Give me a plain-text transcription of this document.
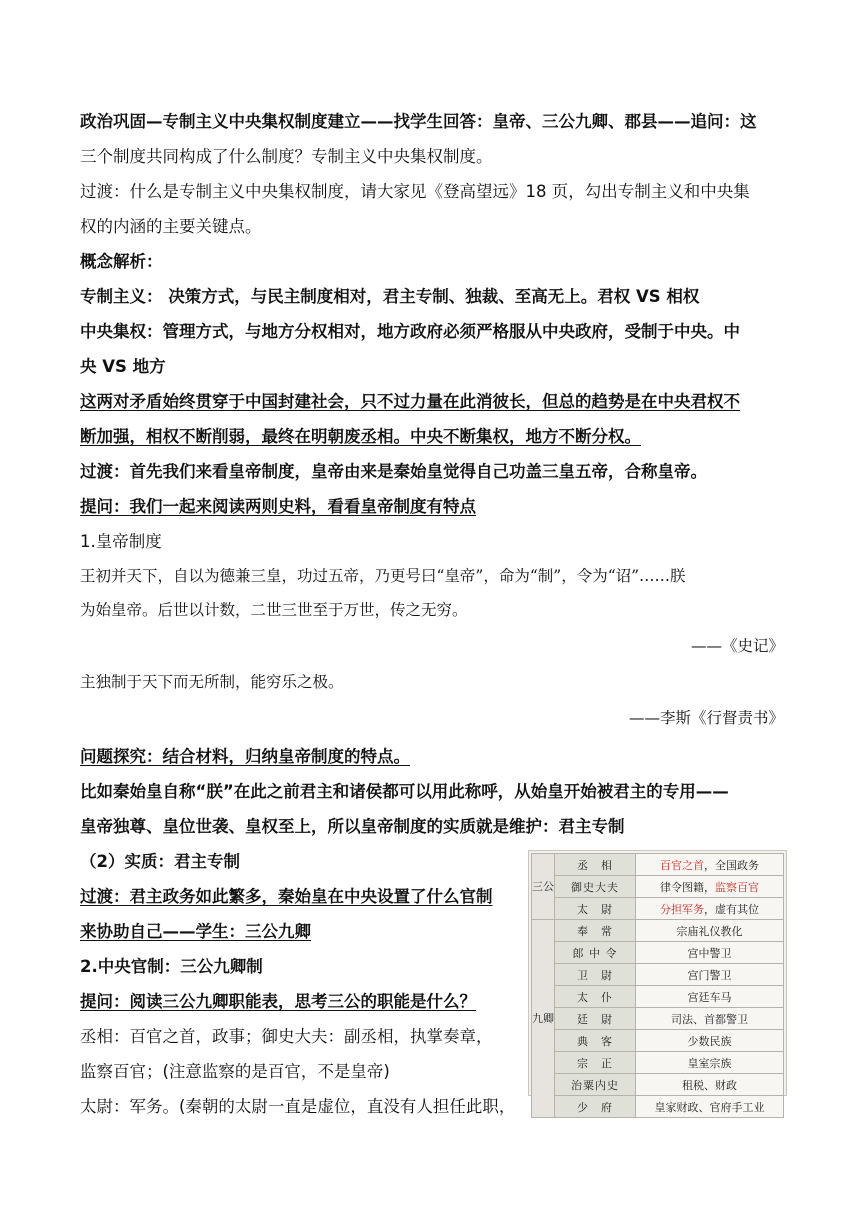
政治巩固—专制主义中央集权制度建立——找学生回答：皇帝、三公九卿、郡县——追问：这

三个制度共同构成了什么制度？专制主义中央集权制度。

过渡：什么是专制主义中央集权制度，请大家见《登高望远》18 页，勾出专制主义和中央集

权的内涵的主要关键点。

概念解析：

专制主义： 决策方式，与民主制度相对，君主专制、独裁、至高无上。君权 VS 相权

中央集权：管理方式，与地方分权相对，地方政府必须严格服从中央政府，受制于中央。中

央 VS 地方

这两对矛盾始终贯穿于中国封建社会，只不过力量在此消彼长，但总的趋势是在中央君权不

断加强，相权不断削弱，最终在明朝废丞相。中央不断集权，地方不断分权。

过渡：首先我们来看皇帝制度，皇帝由来是秦始皇觉得自己功盖三皇五帝，合称皇帝。

提问：我们一起来阅读两则史料，看看皇帝制度有特点

1.皇帝制度

王初并天下，自以为德兼三皇，功过五帝，乃更号曰“皇帝”，命为“制”，令为“诏”……朕

为始皇帝。后世以计数，二世三世至于万世，传之无穷。

——《史记》

主独制于天下而无所制，能穷乐之极。

——李斯《行督责书》

问题探究：结合材料，归纳皇帝制度的特点。

比如秦始皇自称“朕”在此之前君主和诸侯都可以用此称呼，从始皇开始被君主的专用——

皇帝独尊、皇位世袭、皇权至上，所以皇帝制度的实质就是维护：君主专制

（2）实质：君主专制

过渡：君主政务如此繁多，秦始皇在中央设置了什么官制

来协助自己——学生：三公九卿

2.中央官制：三公九卿制

提问：阅读三公九卿职能表，思考三公的职能是什么？

丞相：百官之首，政事；御史大夫：副丞相，执掌奏章，

监察百官；(注意监察的是百官，不是皇帝)

太尉：军务。(秦朝的太尉一直是虚位，直没有人担任此职，

三公	丞　相	百官之首，全国政务
	御史大夫	律令图籍，监察百官
	太　尉	分担军务，虚有其位
九卿	奉　常	宗庙礼仪教化
	郎 中 令	宫中警卫
	卫　尉	宫门警卫
	太　仆	宫廷车马
	廷　尉	司法、首都警卫
	典　客	少数民族
	宗　正	皇室宗族
	治粟内史	租税、财政
	少　府	皇家财政、官府手工业
